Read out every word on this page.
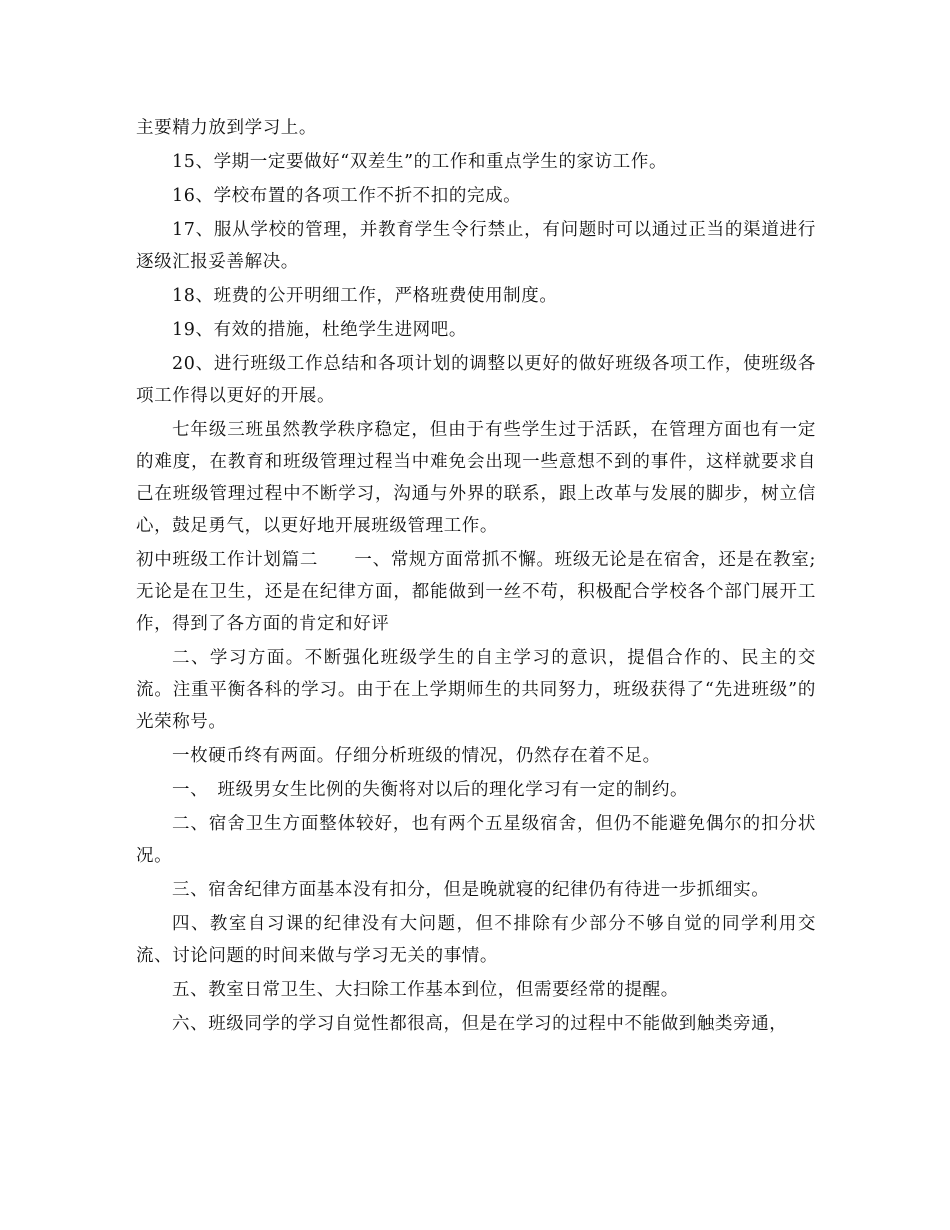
主要精力放到学习上。

15、学期一定要做好“双差生”的工作和重点学生的家访工作。

16、学校布置的各项工作不折不扣的完成。

17、服从学校的管理，并教育学生令行禁止，有问题时可以通过正当的渠道进行逐级汇报妥善解决。

18、班费的公开明细工作，严格班费使用制度。

19、有效的措施，杜绝学生进网吧。

20、进行班级工作总结和各项计划的调整以更好的做好班级各项工作，使班级各项工作得以更好的开展。

七年级三班虽然教学秩序稳定，但由于有些学生过于活跃，在管理方面也有一定的难度，在教育和班级管理过程当中难免会出现一些意想不到的事件，这样就要求自己在班级管理过程中不断学习，沟通与外界的联系，跟上改革与发展的脚步，树立信心，鼓足勇气，以更好地开展班级管理工作。

初中班级工作计划篇二　　一、常规方面常抓不懈。班级无论是在宿舍，还是在教室;无论是在卫生，还是在纪律方面，都能做到一丝不苟，积极配合学校各个部门展开工作，得到了各方面的肯定和好评

二、学习方面。不断强化班级学生的自主学习的意识，提倡合作的、民主的交流。注重平衡各科的学习。由于在上学期师生的共同努力，班级获得了“先进班级”的光荣称号。

一枚硬币终有两面。仔细分析班级的情况，仍然存在着不足。

一、　班级男女生比例的失衡将对以后的理化学习有一定的制约。

二、宿舍卫生方面整体较好，也有两个五星级宿舍，但仍不能避免偶尔的扣分状况。

三、宿舍纪律方面基本没有扣分，但是晚就寝的纪律仍有待进一步抓细实。

四、教室自习课的纪律没有大问题，但不排除有少部分不够自觉的同学利用交流、讨论问题的时间来做与学习无关的事情。

五、教室日常卫生、大扫除工作基本到位，但需要经常的提醒。

六、班级同学的学习自觉性都很高，但是在学习的过程中不能做到触类旁通，
